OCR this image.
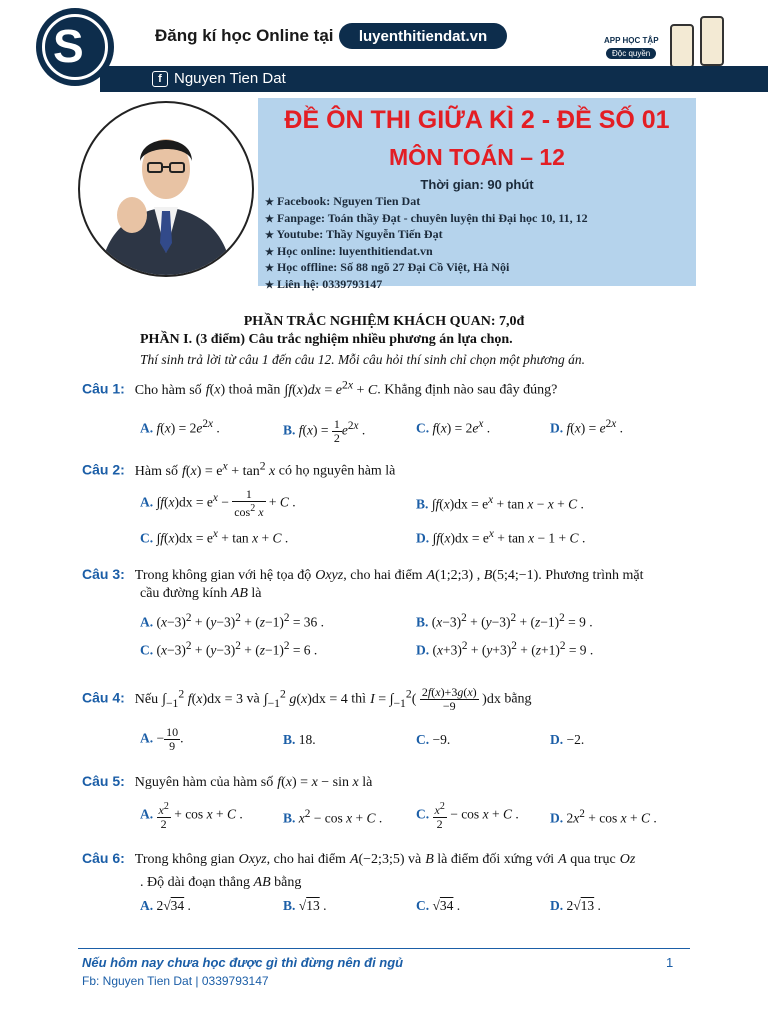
S	Đăng kí học Online tại	luyenthitiendat.vn	APP HỌC TẬP
Độc quyền
f Nguyen Tien Dat
ĐỀ ÔN THI GIỮA KÌ 2 - ĐỀ SỐ 01
MÔN TOÁN – 12
Thời gian: 90 phút
★ Facebook: Nguyen Tien Dat
★ Fanpage: Toán thầy Đạt - chuyên luyện thi Đại học 10, 11, 12
★ Youtube: Thầy Nguyễn Tiến Đạt
★ Học online: luyenthitiendat.vn
★ Học offline: Số 88 ngõ 27 Đại Cồ Việt, Hà Nội
★ Liên hệ: 0339793147
PHẦN TRẮC NGHIỆM KHÁCH QUAN: 7,0đ
PHẦN I. (3 điểm) Câu trắc nghiệm nhiều phương án lựa chọn.
Thí sinh trả lời từ câu 1 đến câu 12. Mỗi câu hỏi thí sinh chỉ chọn một phương án.
Câu 1: Cho hàm số f(x) thoả mãn $\int f(x)dx = e^{2x} + C$. Khẳng định nào sau đây đúng?
A. $f(x) = 2e^{2x}$ .	B. $f(x) = \frac{1}{2} e^{2x}$ .	C. $f(x) = 2e^x$ .	D. $f(x) = e^{2x}$ .
Câu 2: Hàm số $f(x) = e^x + \tan^2 x$ có họ nguyên hàm là
A. $\int f(x)dx = e^x - \frac{1}{\cos^2 x} + C$ .	B. $\int f(x)dx = e^x + \tan x - x + C$ .
C. $\int f(x)dx = e^x + \tan x + C$ .	D. $\int f(x)dx = e^x + \tan x - 1 + C$ .
Câu 3: Trong không gian với hệ tọa độ Oxyz, cho hai điểm A(1;2;3) , B(5;4;−1). Phương trình mặt
cầu đường kính AB là
A. $(x-3)^2 + (y-3)^2 + (z-1)^2 = 36$ .	B. $(x-3)^2 + (y-3)^2 + (z-1)^2 = 9$ .
C. $(x-3)^2 + (y-3)^2 + (z-1)^2 = 6$ .	D. $(x+3)^2 + (y+3)^2 + (z+1)^2 = 9$ .
Câu 4: Nếu $\int_{-1}^2$ f(x)dx = 3 và $\int_{-1}^2$ g(x)dx = 4 thì $I = \int_{-1}^2( \frac{2f(x)+3g(x)}{-9} )dx$ bằng
A. − $\frac{10}{9}$ .	B. 18.	C. −9.	D. −2.
Câu 5: Nguyên hàm của hàm số f(x) = x − sin x là
A. $\frac{x^2}{2} + \cos x + C$ .	B. $x^2 - \cos x + C$ . C. $\frac{x^2}{2} - \cos x + C$ . D. $2x^2 + \cos x + C$ .
Câu 6: Trong không gian Oxyz, cho hai điểm A(−2;3;5) và B là điểm đối xứng với A qua trục Oz
. Độ dài đoạn thẳng AB bằng
A. 2√34 .	B. √13 .	C. √34 .	D. 2√13 .
Nếu hôm nay chưa học được gì thì đừng nên đi ngủ
Fb: Nguyen Tien Dat | 0339793147
1
